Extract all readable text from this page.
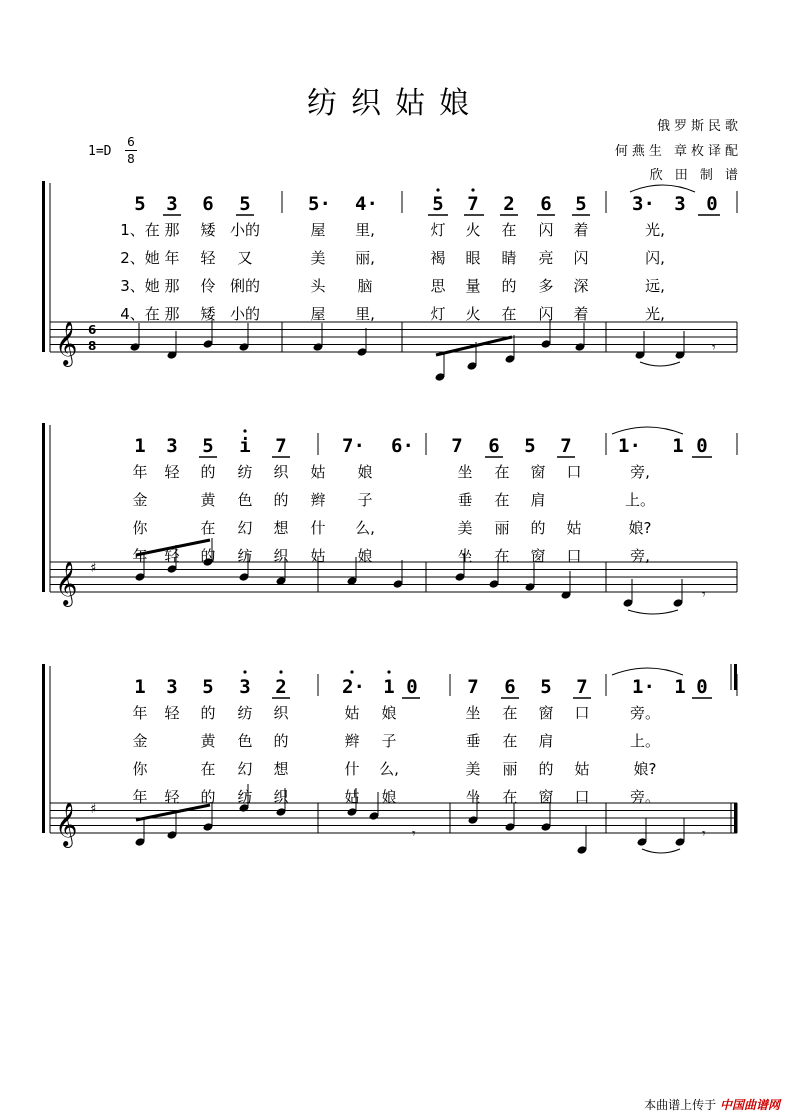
纺织姑娘
俄罗斯民歌
何燕生 章枚译配
欣 田 制 谱
1=D
6
8
𝄞 6
8
𝄞 ♯
𝄞 ♯
𝄾
𝄾
𝄾
𝄾
5 3 6 5	5· 4·	5 7 2 6 5 3· 3 0
1、在 那	矮 小的	屋	里,	灯	火	在	闪	着	光,
2、她 年	轻	又	美	丽,	褐	眼	睛	亮	闪	闪,
3、她 那	伶 俐的	头	脑	思	量	的	多	深	远,
4、在 那	矮 小的	屋	里,	灯	火	在	闪	着	光,
1 3 5 i 7	7· 6· 7 6 5 7 1· 1 0
年	轻	的	纺	织	姑	娘	坐	在	窗	口	旁,
金	黄	色	的	辫	子	垂	在	肩	上。
你	在	幻	想	什	么,	美	丽	的	姑	娘?
年	轻	的	纺	织	姑	娘	坐	在	窗	口	旁,
1 3 5 3 2	2· 1 0	7 6 5 7 1· 1 0
年	轻	的	纺	织	姑	娘	坐	在	窗	口	旁。
金	黄	色	的	辫	子	垂	在	肩	上。
你	在	幻	想	什	么,	美	丽	的	姑	娘?
年	轻	的	纺	织	姑	娘	坐	在	窗	口	旁。
本曲谱上传于 中国曲谱网
